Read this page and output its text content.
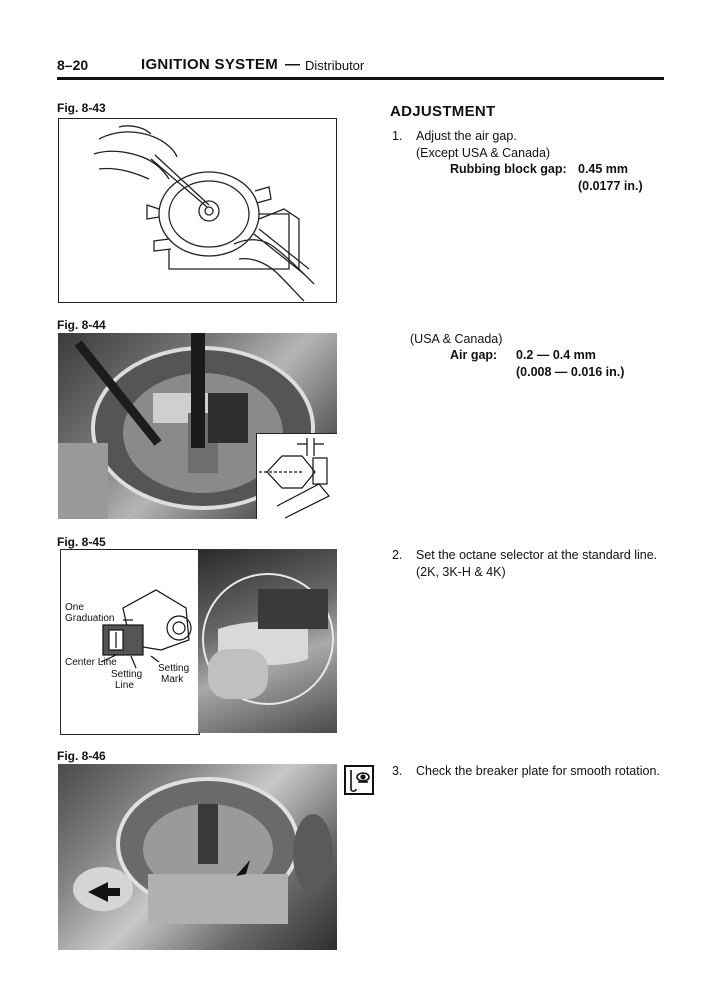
8–20	IGNITION SYSTEM — Distributor
Fig. 8-43
Fig. 8-44
Fig. 8-45
One
Graduation
Center Line
Setting
Line
Setting
Mark
Fig. 8-46
ADJUSTMENT
1. Adjust the air gap.
(Except USA & Canada)
Rubbing block gap: 0.45 mm
(0.0177 in.)
(USA & Canada)
Air gap: 0.2 — 0.4 mm
(0.008 — 0.016 in.)
2. Set the octane selector at the standard line.
(2K, 3K-H & 4K)
3. Check the breaker plate for smooth rotation.
